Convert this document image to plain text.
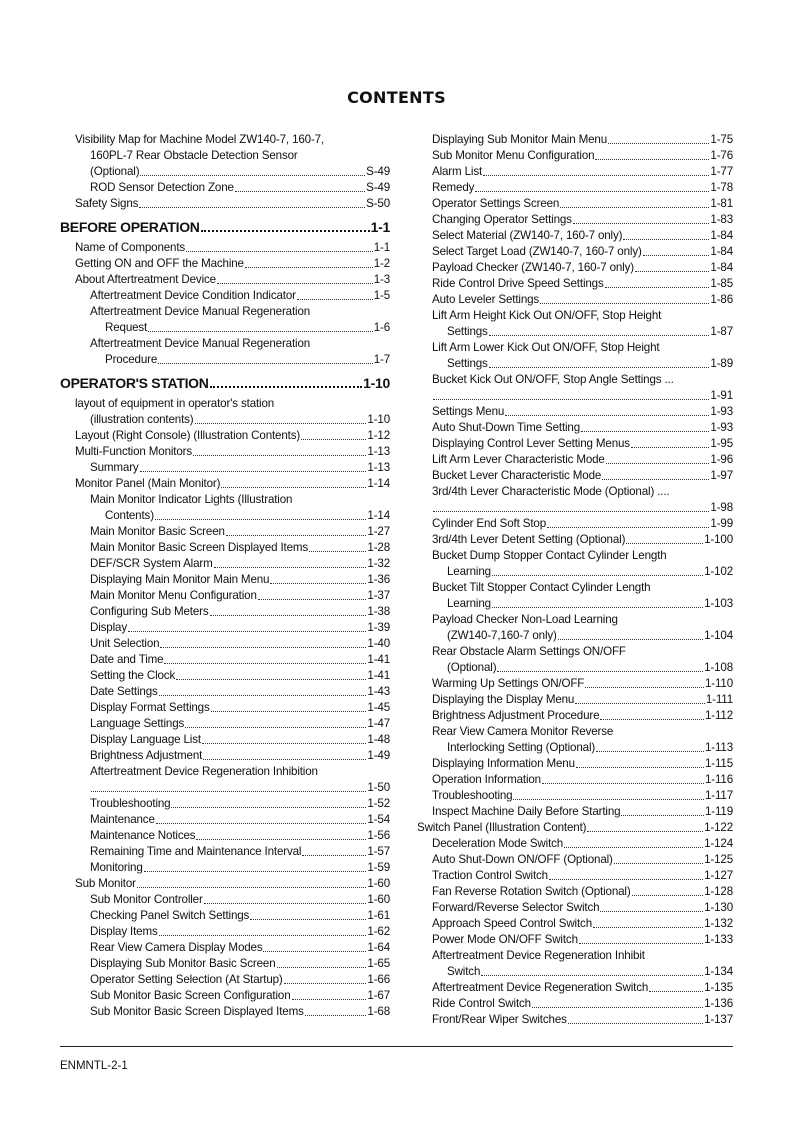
CONTENTS
Visibility Map for Machine Model ZW140-7, 160-7,
160PL-7 Rear Obstacle Detection Sensor
(Optional)	S-49
ROD Sensor Detection Zone	S-49
Safety Signs	S-50
BEFORE OPERATION	1-1
Name of Components	1-1
Getting ON and OFF the Machine	1-2
About Aftertreatment Device	1-3
Aftertreatment Device Condition Indicator	1-5
Aftertreatment Device Manual Regeneration
Request	1-6
Aftertreatment Device Manual Regeneration
Procedure	1-7
OPERATOR'S STATION	1-10
layout of equipment in operator's station
(illustration contents)	1-10
Layout (Right Console) (Illustration Contents)	1-12
Multi-Function Monitors	1-13
Summary	1-13
Monitor Panel (Main Monitor)	1-14
Main Monitor Indicator Lights (Illustration
Contents)	1-14
Main Monitor Basic Screen	1-27
Main Monitor Basic Screen Displayed Items	1-28
DEF/SCR System Alarm	1-32
Displaying Main Monitor Main Menu	1-36
Main Monitor Menu Configuration	1-37
Configuring Sub Meters	1-38
Display	1-39
Unit Selection	1-40
Date and Time	1-41
Setting the Clock	1-41
Date Settings	1-43
Display Format Settings	1-45
Language Settings	1-47
Display Language List	1-48
Brightness Adjustment	1-49
Aftertreatment Device Regeneration Inhibition
1-50
Troubleshooting	1-52
Maintenance	1-54
Maintenance Notices	1-56
Remaining Time and Maintenance Interval	1-57
Monitoring	1-59
Sub Monitor	1-60
Sub Monitor Controller	1-60
Checking Panel Switch Settings	1-61
Display Items	1-62
Rear View Camera Display Modes	1-64
Displaying Sub Monitor Basic Screen	1-65
Operator Setting Selection (At Startup)	1-66
Sub Monitor Basic Screen Configuration	1-67
Sub Monitor Basic Screen Displayed Items	1-68
Displaying Sub Monitor Main Menu	1-75
Sub Monitor Menu Configuration	1-76
Alarm List	1-77
Remedy	1-78
Operator Settings Screen	1-81
Changing Operator Settings	1-83
Select Material (ZW140-7, 160-7 only)	1-84
Select Target Load (ZW140-7, 160-7 only)	1-84
Payload Checker (ZW140-7, 160-7 only)	1-84
Ride Control Drive Speed Settings	1-85
Auto Leveler Settings	1-86
Lift Arm Height Kick Out ON/OFF, Stop Height
Settings	1-87
Lift Arm Lower Kick Out ON/OFF, Stop Height
Settings	1-89
Bucket Kick Out ON/OFF, Stop Angle Settings ...
1-91
Settings Menu	1-93
Auto Shut-Down Time Setting	1-93
Displaying Control Lever Setting Menus	1-95
Lift Arm Lever Characteristic Mode	1-96
Bucket Lever Characteristic Mode	1-97
3rd/4th Lever Characteristic Mode (Optional) ....
1-98
Cylinder End Soft Stop	1-99
3rd/4th Lever Detent Setting (Optional)	1-100
Bucket Dump Stopper Contact Cylinder Length
Learning	1-102
Bucket Tilt Stopper Contact Cylinder Length
Learning	1-103
Payload Checker Non-Load Learning
(ZW140-7,160-7 only)	1-104
Rear Obstacle Alarm Settings ON/OFF
(Optional)	1-108
Warming Up Settings ON/OFF	1-110
Displaying the Display Menu	1-111
Brightness Adjustment Procedure	1-112
Rear View Camera Monitor Reverse
Interlocking Setting (Optional)	1-113
Displaying Information Menu	1-115
Operation Information	1-116
Troubleshooting	1-117
Inspect Machine Daily Before Starting	1-119
Switch Panel (Illustration Content)	1-122
Deceleration Mode Switch	1-124
Auto Shut-Down ON/OFF (Optional)	1-125
Traction Control Switch	1-127
Fan Reverse Rotation Switch (Optional)	1-128
Forward/Reverse Selector Switch	1-130
Approach Speed Control Switch	1-132
Power Mode ON/OFF Switch	1-133
Aftertreatment Device Regeneration Inhibit
Switch	1-134
Aftertreatment Device Regeneration Switch	1-135
Ride Control Switch	1-136
Front/Rear Wiper Switches	1-137
ENMNTL-2-1
